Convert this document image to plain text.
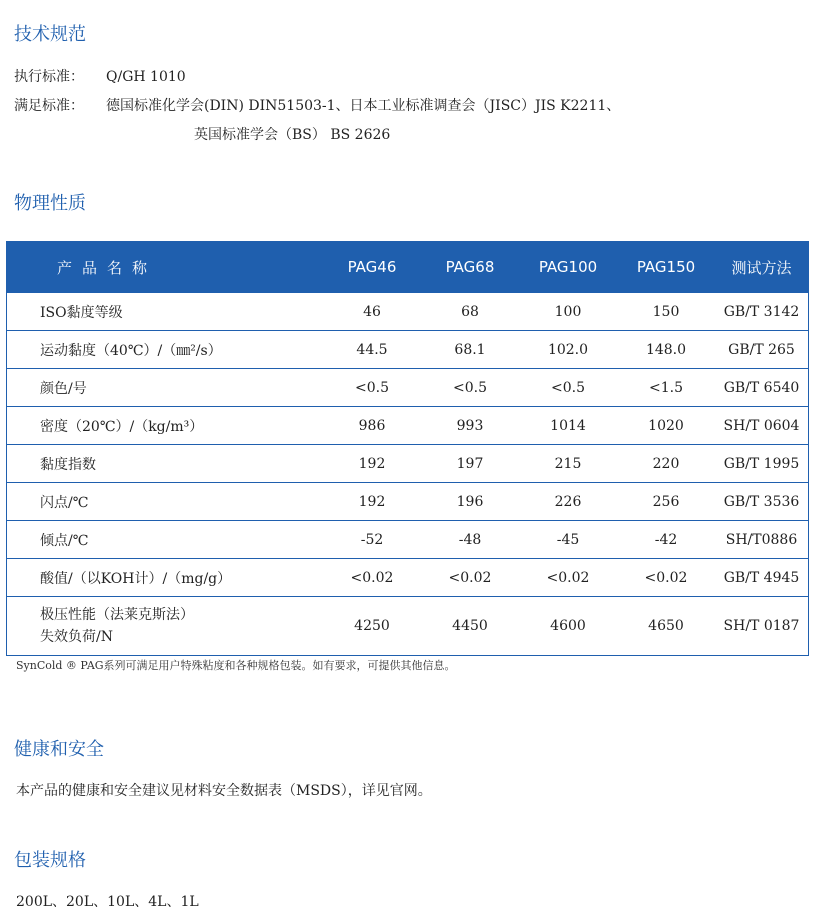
技术规范
执行标准： Q/GH 1010
满足标准： 德国标准化学会(DIN) DIN51503-1、日本工业标准调查会（JISC）JIS K2211、
英国标准学会（BS） BS 2626
物理性质
产品名称	PAG46	PAG68	PAG100	PAG150	测试方法
ISO黏度等级	46	68	100	150	GB/T 3142
运动黏度（40℃）/（㎜²/s）	44.5	68.1	102.0	148.0	GB/T 265
颜色/号	<0.5	<0.5	<0.5	<1.5	GB/T 6540
密度（20℃）/（kg/m³）	986	993	1014	1020	SH/T 0604
黏度指数	192	197	215	220	GB/T 1995
闪点/℃	192	196	226	256	GB/T 3536
倾点/℃	-52	-48	-45	-42	SH/T0886
酸值/（以KOH计）/（mg/g）	<0.02	<0.02	<0.02	<0.02	GB/T 4945

极压性能（法莱克斯法）
失效负荷/N	4250	4450	4600	4650	SH/T 0187
SynCold ® PAG系列可满足用户特殊粘度和各种规格包装。如有要求，可提供其他信息。
健康和安全
本产品的健康和安全建议见材料安全数据表（MSDS），详见官网。
包装规格
200L、20L、10L、4L、1L
